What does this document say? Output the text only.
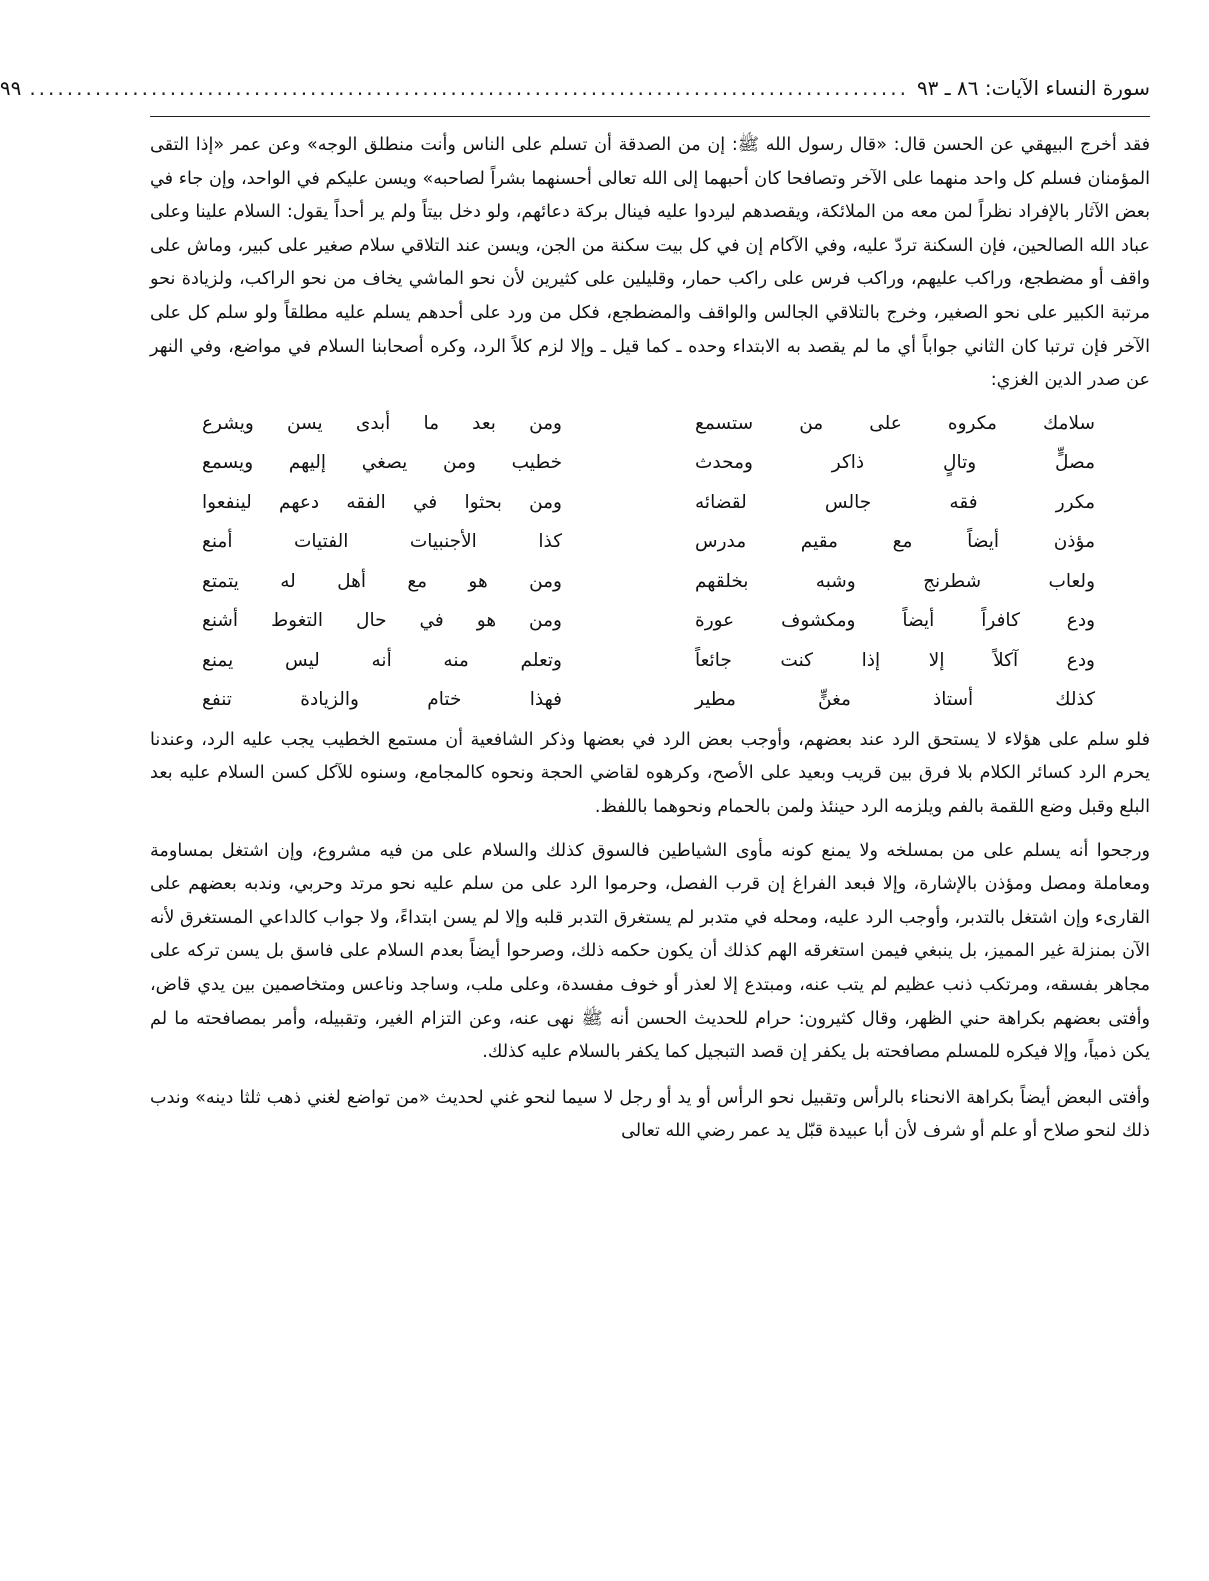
سورة النساء الآيات: ٨٦ ـ ٩٣
..............................................................................................
٩٩

فقد أخرج البيهقي عن الحسن قال: «قال رسول الله ﷺ: إن من الصدقة أن تسلم على الناس وأنت منطلق الوجه» وعن عمر «إذا التقى المؤمنان فسلم كل واحد منهما على الآخر وتصافحا كان أحبهما إلى الله تعالى أحسنهما بشراً لصاحبه» ويسن عليكم في الواحد، وإن جاء في بعض الآثار بالإفراد نظراً لمن معه من الملائكة، ويقصدهم ليردوا عليه فينال بركة دعائهم، ولو دخل بيتاً ولم ير أحداً يقول: السلام علينا وعلى عباد الله الصالحين، فإن السكنة تردّ عليه، وفي الآكام إن في كل بيت سكنة من الجن، ويسن عند التلاقي سلام صغير على كبير، وماش على واقف أو مضطجع، وراكب عليهم، وراكب فرس على راكب حمار، وقليلين على كثيرين لأن نحو الماشي يخاف من نحو الراكب، ولزيادة نحو مرتبة الكبير على نحو الصغير، وخرج بالتلاقي الجالس والواقف والمضطجع، فكل من ورد على أحدهم يسلم عليه مطلقاً ولو سلم كل على الآخر فإن ترتبا كان الثاني جواباً أي ما لم يقصد به الابتداء وحده ـ كما قيل ـ وإلا لزم كلاً الرد، وكره أصحابنا السلام في مواضع، وفي النهر عن صدر الدين الغزي:

سلامك مكروه على من ستسمع
ومن بعد ما أبدى يسن ويشرع
مصلٍّ وتالٍ ذاكر ومحدث
خطيب ومن يصغي إليهم ويسمع
مكرر فقه جالس لقضائه
ومن بحثوا في الفقه دعهم لينفعوا
مؤذن أيضاً مع مقيم مدرس
كذا الأجنبيات الفتيات أمنع
ولعاب شطرنج وشبه بخلقهم
ومن هو مع أهل له يتمتع
ودع كافراً أيضاً ومكشوف عورة
ومن هو في حال التغوط أشنع
ودع آكلاً إلا إذا كنت جائعاً
وتعلم منه أنه ليس يمنع
كذلك أستاذ مغنٍّ مطير
فهذا ختام والزيادة تنفع

فلو سلم على هؤلاء لا يستحق الرد عند بعضهم، وأوجب بعض الرد في بعضها وذكر الشافعية أن مستمع الخطيب يجب عليه الرد، وعندنا يحرم الرد كسائر الكلام بلا فرق بين قريب وبعيد على الأصح، وكرهوه لقاضي الحجة ونحوه كالمجامع، وسنوه للآكل كسن السلام عليه بعد البلع وقبل وضع اللقمة بالفم ويلزمه الرد حينئذ ولمن بالحمام ونحوهما باللفظ.

ورجحوا أنه يسلم على من بمسلخه ولا يمنع كونه مأوى الشياطين فالسوق كذلك والسلام على من فيه مشروع، وإن اشتغل بمساومة ومعاملة ومصل ومؤذن بالإشارة، وإلا فبعد الفراغ إن قرب الفصل، وحرموا الرد على من سلم عليه نحو مرتد وحربي، وندبه بعضهم على القارىء وإن اشتغل بالتدبر، وأوجب الرد عليه، ومحله في متدبر لم يستغرق التدبر قلبه وإلا لم يسن ابتداءً، ولا جواب كالداعي المستغرق لأنه الآن بمنزلة غير المميز، بل ينبغي فيمن استغرقه الهم كذلك أن يكون حكمه ذلك، وصرحوا أيضاً بعدم السلام على فاسق بل يسن تركه على مجاهر بفسقه، ومرتكب ذنب عظيم لم يتب عنه، ومبتدع إلا لعذر أو خوف مفسدة، وعلى ملب، وساجد وناعس ومتخاصمين بين يدي قاض، وأفتى بعضهم بكراهة حني الظهر، وقال كثيرون: حرام للحديث الحسن أنه ﷺ نهى عنه، وعن التزام الغير، وتقبيله، وأمر بمصافحته ما لم يكن ذمياً، وإلا فيكره للمسلم مصافحته بل يكفر إن قصد التبجيل كما يكفر بالسلام عليه كذلك.

وأفتى البعض أيضاً بكراهة الانحناء بالرأس وتقبيل نحو الرأس أو يد أو رجل لا سيما لنحو غني لحديث «من تواضع لغني ذهب ثلثا دينه» وندب ذلك لنحو صلاح أو علم أو شرف لأن أبا عبيدة قبّل يد عمر رضي الله تعالى
